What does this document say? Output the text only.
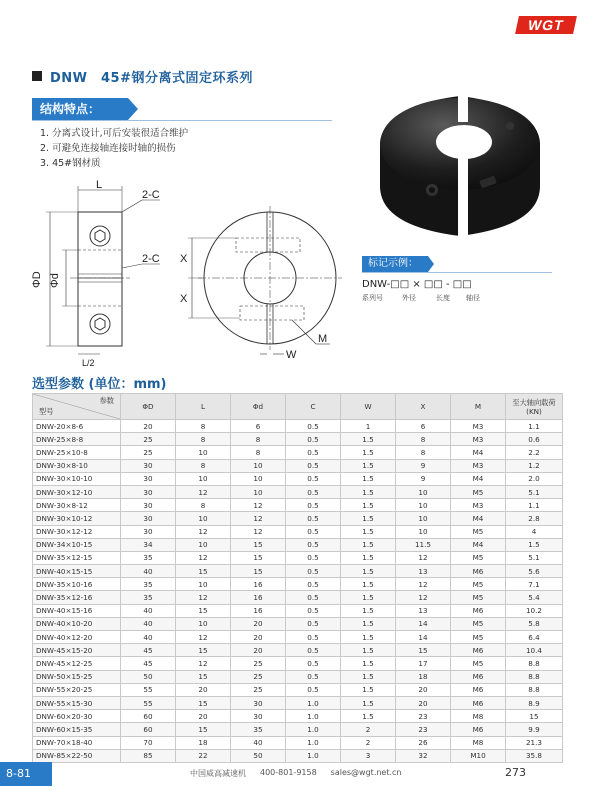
WGT
DNW　45#钢分离式固定环系列
结构特点：
1. 分离式设计,可后安装很适合维护
2. 可避免连接轴连接时轴的损伤
3. 45#钢材质
L
2-C
2-C
ΦD Φd
L/2
X
X
W
M
标记示例：
DNW-□□ × □□ - □□
系列号	外径	长度 轴径
选型参数 (单位：mm)
参数
型号	ΦD	L	Φd	C	W	X	M	至大轴向载荷(KN)
DNW-20×8-6	20	8	6	0.5	1	6	M3	1.1
DNW-25×8-8	25	8	8	0.5	1.5	8	M3	0.6
DNW-25×10-8	25	10	8	0.5	1.5	8	M4	2.2
DNW-30×8-10	30	8	10	0.5	1.5	9	M3	1.2
DNW-30×10-10	30	10	10	0.5	1.5	9	M4	2.0
DNW-30×12-10	30	12	10	0.5	1.5	10	M5	5.1
DNW-30×8-12	30	8	12	0.5	1.5	10	M3	1.1
DNW-30×10-12	30	10	12	0.5	1.5	10	M4	2.8
DNW-30×12-12	30	12	12	0.5	1.5	10	M5	4
DNW-34×10-15	34	10	15	0.5	1.5	11.5	M4	1.5
DNW-35×12-15	35	12	15	0.5	1.5	12	M5	5.1
DNW-40×15-15	40	15	15	0.5	1.5	13	M6	5.6
DNW-35×10-16	35	10	16	0.5	1.5	12	M5	7.1
DNW-35×12-16	35	12	16	0.5	1.5	12	M5	5.4
DNW-40×15-16	40	15	16	0.5	1.5	13	M6	10.2
DNW-40×10-20	40	10	20	0.5	1.5	14	M5	5.8
DNW-40×12-20	40	12	20	0.5	1.5	14	M5	6.4
DNW-45×15-20	45	15	20	0.5	1.5	15	M6	10.4
DNW-45×12-25	45	12	25	0.5	1.5	17	M5	8.8
DNW-50×15-25	50	15	25	0.5	1.5	18	M6	8.8
DNW-55×20-25	55	20	25	0.5	1.5	20	M6	8.8
DNW-55×15-30	55	15	30	1.0	1.5	20	M6	8.9
DNW-60×20-30	60	20	30	1.0	1.5	23	M8	15
DNW-60×15-35	60	15	35	1.0	2	23	M6	9.9
DNW-70×18-40	70	18	40	1.0	2	26	M8	21.3
DNW-85×22-50	85	22	50	1.0	3	32	M10	35.8
8-81	中国威高减速机 400-801-9158 sales@wgt.net.cn	273
